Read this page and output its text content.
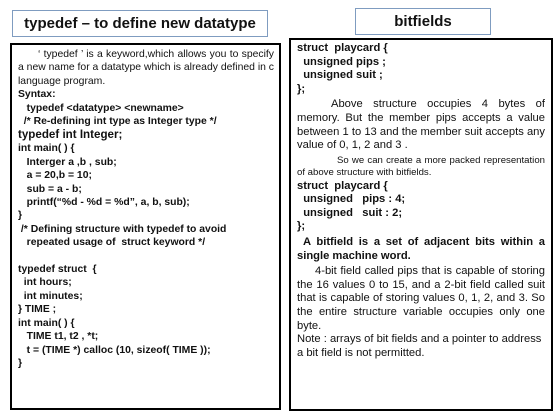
typedef – to define new datatype	bitfields
‘ typedef ’ is a keyword,which allows you to specify a new name for a datatype which is already defined in c language program.
Syntax:
typedef <datatype> <newname>
/* Re-defining int type as Integer type */
typedef int Integer;
int main( ) {
Interger a ,b , sub;
a = 20,b = 10;
sub = a - b;
printf(“%d - %d = %d”, a, b, sub);
}
/* Defining structure with typedef to avoid
repeated usage of  struct keyword */
typedef struct  {
int hours;
int minutes;
} TIME ;
int main( ) {
TIME t1, t2 , *t;
t = (TIME *) calloc (10, sizeof( TIME ));
}
struct  playcard {
unsigned pips ;
unsigned suit ;
};
Above structure occupies 4 bytes of memory. But the member pips accepts a value between 1 to 13 and the member suit accepts any value of 0, 1, 2 and 3 .
So we can create a more packed representation of above structure with bitfields.
struct  playcard {
unsigned   pips : 4;
unsigned   suit : 2;
};
A bitfield is a set of adjacent bits within a single machine word.
4-bit field called pips that is capable of storing the 16 values 0 to 15, and a 2-bit field called suit that is capable of storing values 0, 1, 2, and 3. So the entire structure variable occupies only one byte.
Note : arrays of bit fields and a pointer to address a bit field is not permitted.
